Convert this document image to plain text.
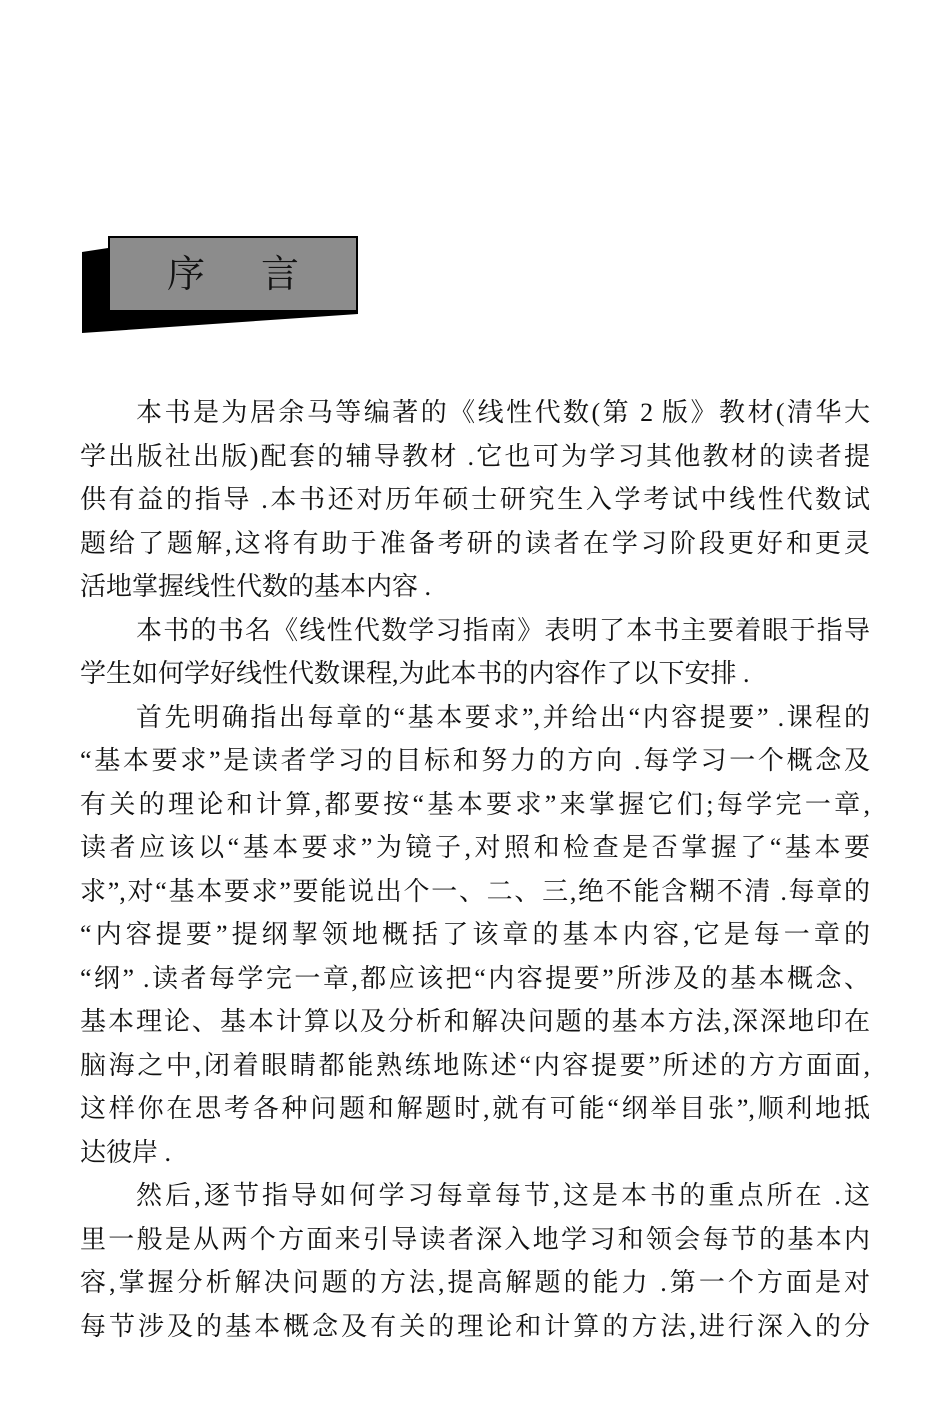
序 言
本书是为居余马等编著的《线性代数(第 2 版》教材(清华大
学出版社出版)配套的辅导教材 .它也可为学习其他教材的读者提
供有益的指导 .本书还对历年硕士研究生入学考试中线性代数试
题给了题解,这将有助于准备考研的读者在学习阶段更好和更灵
活地掌握线性代数的基本内容 .
本书的书名《线性代数学习指南》表明了本书主要着眼于指导
学生如何学好线性代数课程,为此本书的内容作了以下安排 .
首先明确指出每章的“基本要求”,并给出“内容提要” .课程的
“基本要求”是读者学习的目标和努力的方向 .每学习一个概念及
有关的理论和计算,都要按“基本要求”来掌握它们;每学完一章,
读者应该以“基本要求”为镜子,对照和检查是否掌握了“基本要
求”,对“基本要求”要能说出个一、二、三,绝不能含糊不清 .每章的
“内容提要”提纲挈领地概括了该章的基本内容,它是每一章的
“纲” .读者每学完一章,都应该把“内容提要”所涉及的基本概念、
基本理论、基本计算以及分析和解决问题的基本方法,深深地印在
脑海之中,闭着眼睛都能熟练地陈述“内容提要”所述的方方面面,
这样你在思考各种问题和解题时,就有可能“纲举目张”,顺利地抵
达彼岸 .
然后,逐节指导如何学习每章每节,这是本书的重点所在 .这
里一般是从两个方面来引导读者深入地学习和领会每节的基本内
容,掌握分析解决问题的方法,提高解题的能力 .第一个方面是对
每节涉及的基本概念及有关的理论和计算的方法,进行深入的分
